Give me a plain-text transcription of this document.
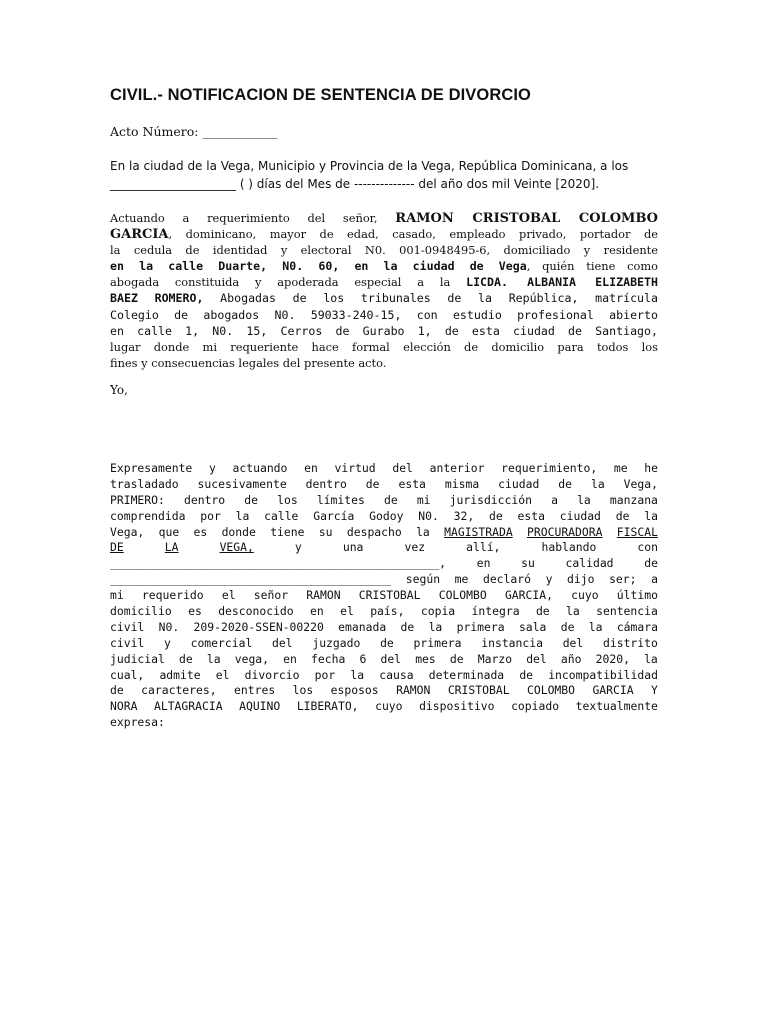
CIVIL.- NOTIFICACION DE SENTENCIA DE DIVORCIO
Acto Número: ____________
En la ciudad de la Vega, Municipio y Provincia de la Vega, República Dominicana, a los
_____________________ ( ) días del Mes de -------------- del año dos mil Veinte [2020].
Actuando a requerimiento del señor, RAMON CRISTOBAL COLOMBO
GARCIA, dominicano, mayor de edad, casado, empleado privado, portador de
la cedula de identidad y electoral N0. 001-0948495-6, domiciliado y residente
en la calle Duarte, N0. 60, en la ciudad de Vega, quién tiene como
abogada constituida y apoderada especial a la LICDA. ALBANIA ELIZABETH
BAEZ ROMERO, Abogadas de los tribunales de la República, matrícula
Colegio de abogados N0. 59033-240-15, con estudio profesional abierto
en calle 1, N0. 15, Cerros de Gurabo 1, de esta ciudad de Santiago,
lugar donde mi requeriente hace formal elección de domicilio para todos los
fines y consecuencias legales del presente acto.
Yo,
Expresamente y actuando en virtud del anterior requerimiento, me he
trasladado sucesivamente dentro de esta misma ciudad de la Vega,
PRIMERO: dentro de los límites de mi jurisdicción a la manzana
comprendida por la calle García Godoy N0. 32, de esta ciudad de la
Vega, que es donde tiene su despacho la MAGISTRADA PROCURADORA FISCAL
DE	LA	VEGA,	y	una	vez	allí,	hablando	con
________________________________________________,	en	su	calidad	de
_________________________________________ según me declaró y dijo ser; a
mi requerido el señor RAMON CRISTOBAL COLOMBO GARCIA, cuyo último
domicilio es desconocido en el país, copia íntegra de la sentencia
civil N0. 209-2020-SSEN-00220 emanada de la primera sala de la cámara
civil y comercial del juzgado de primera instancia del distrito
judicial de la vega, en fecha 6 del mes de Marzo del año 2020, la
cual, admite el divorcio por la causa determinada de incompatibilidad
de caracteres, entres los esposos RAMON CRISTOBAL COLOMBO GARCIA Y
NORA ALTAGRACIA AQUINO LIBERATO, cuyo dispositivo copiado textualmente
expresa:
